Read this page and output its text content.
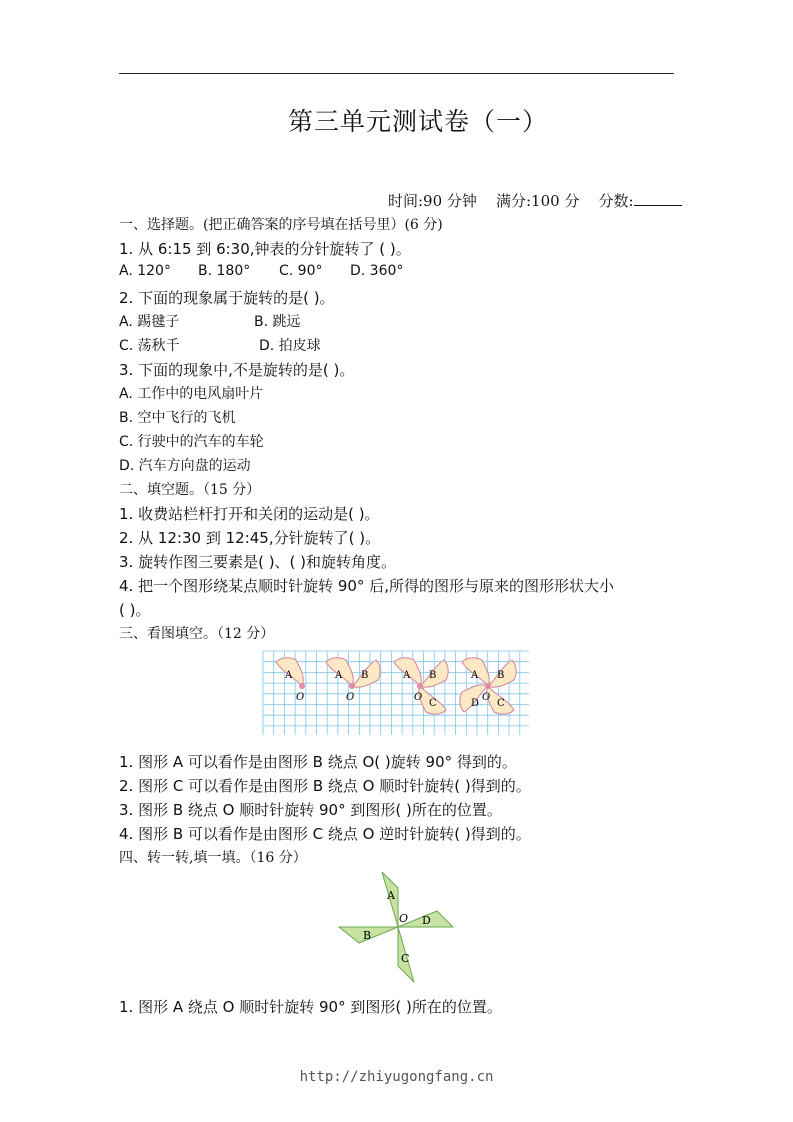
第三单元测试卷（一）
时间:90 分钟 满分:100 分 分数:
一、选择题。(把正确答案的序号填在括号里）(6 分)
1. 从 6:15 到 6:30,钟表的分针旋转了 ( )。
A. 120° B. 180° C. 90° D. 360°
2. 下面的现象属于旋转的是( )。
A. 踢毽子	B. 跳远
C. 荡秋千	D. 拍皮球
3. 下面的现象中,不是旋转的是( )。
A. 工作中的电风扇叶片
B. 空中飞行的飞机
C. 行驶中的汽车的车轮
D. 汽车方向盘的运动
二、填空题。（15 分）
1. 收费站栏杆打开和关闭的运动是( )。
2. 从 12:30 到 12:45,分针旋转了( )。
3. 旋转作图三要素是( )、( )和旋转角度。
4. 把一个图形绕某点顺时针旋转 90° 后,所得的图形与原来的图形形状大小
( )。
三、看图填空。（12 分）
A
O
A B
O
A B
C
O
A B
C
D
O
1. 图形 A 可以看作是由图形 B 绕点 O( )旋转 90° 得到的。
2. 图形 C 可以看作是由图形 B 绕点 O 顺时针旋转( )得到的。
3. 图形 B 绕点 O 顺时针旋转 90° 到图形( )所在的位置。
4. 图形 B 可以看作是由图形 C 绕点 O 逆时针旋转( )得到的。
四、转一转,填一填。（16 分）
A
D
C
B
O
1. 图形 A 绕点 O 顺时针旋转 90° 到图形( )所在的位置。
http://zhiyugongfang.cn
